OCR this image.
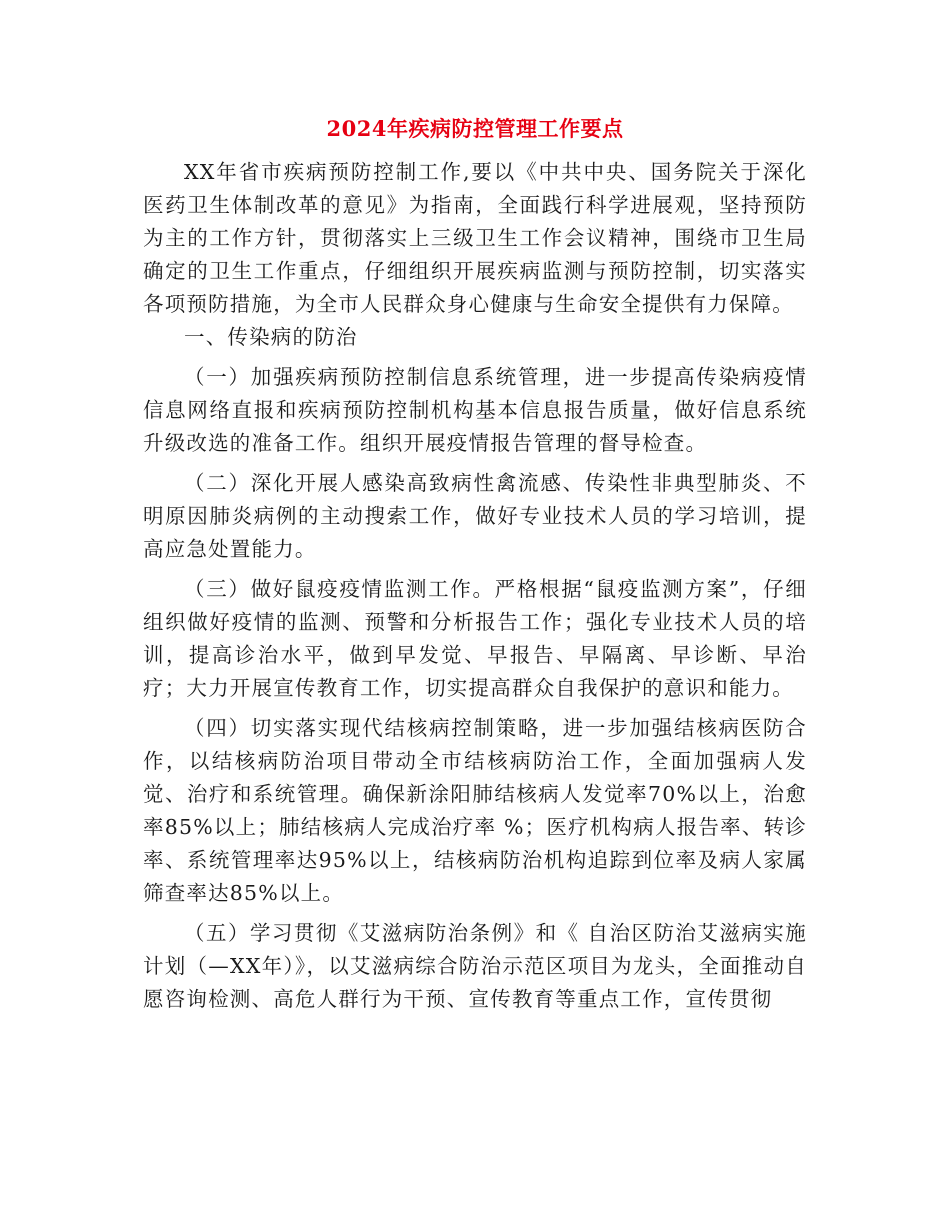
2024年疾病防控管理工作要点

XX年省市疾病预防控制工作,要以《中共中央、国务院关于深化医药卫生体制改革的意见》为指南，全面践行科学进展观，坚持预防为主的工作方针，贯彻落实上三级卫生工作会议精神，围绕市卫生局确定的卫生工作重点，仔细组织开展疾病监测与预防控制，切实落实各项预防措施，为全市人民群众身心健康与生命安全提供有力保障。

一、传染病的防治

（一）加强疾病预防控制信息系统管理，进一步提高传染病疫情信息网络直报和疾病预防控制机构基本信息报告质量，做好信息系统升级改选的准备工作。组织开展疫情报告管理的督导检查。

（二）深化开展人感染高致病性禽流感、传染性非典型肺炎、不明原因肺炎病例的主动搜索工作，做好专业技术人员的学习培训，提高应急处置能力。

（三）做好鼠疫疫情监测工作。严格根据“鼠疫监测方案”，仔细组织做好疫情的监测、预警和分析报告工作；强化专业技术人员的培训，提高诊治水平，做到早发觉、早报告、早隔离、早诊断、早治疗；大力开展宣传教育工作，切实提高群众自我保护的意识和能力。

（四）切实落实现代结核病控制策略，进一步加强结核病医防合作，以结核病防治项目带动全市结核病防治工作，全面加强病人发觉、治疗和系统管理。确保新涂阳肺结核病人发觉率70%以上，治愈率85%以上；肺结核病人完成治疗率 %；医疗机构病人报告率、转诊率、系统管理率达95%以上，结核病防治机构追踪到位率及病人家属筛查率达85%以上。

（五）学习贯彻《艾滋病防治条例》和《 自治区防治艾滋病实施计划（—XX年）》，以艾滋病综合防治示范区项目为龙头，全面推动自愿咨询检测、高危人群行为干预、宣传教育等重点工作，宣传贯彻
